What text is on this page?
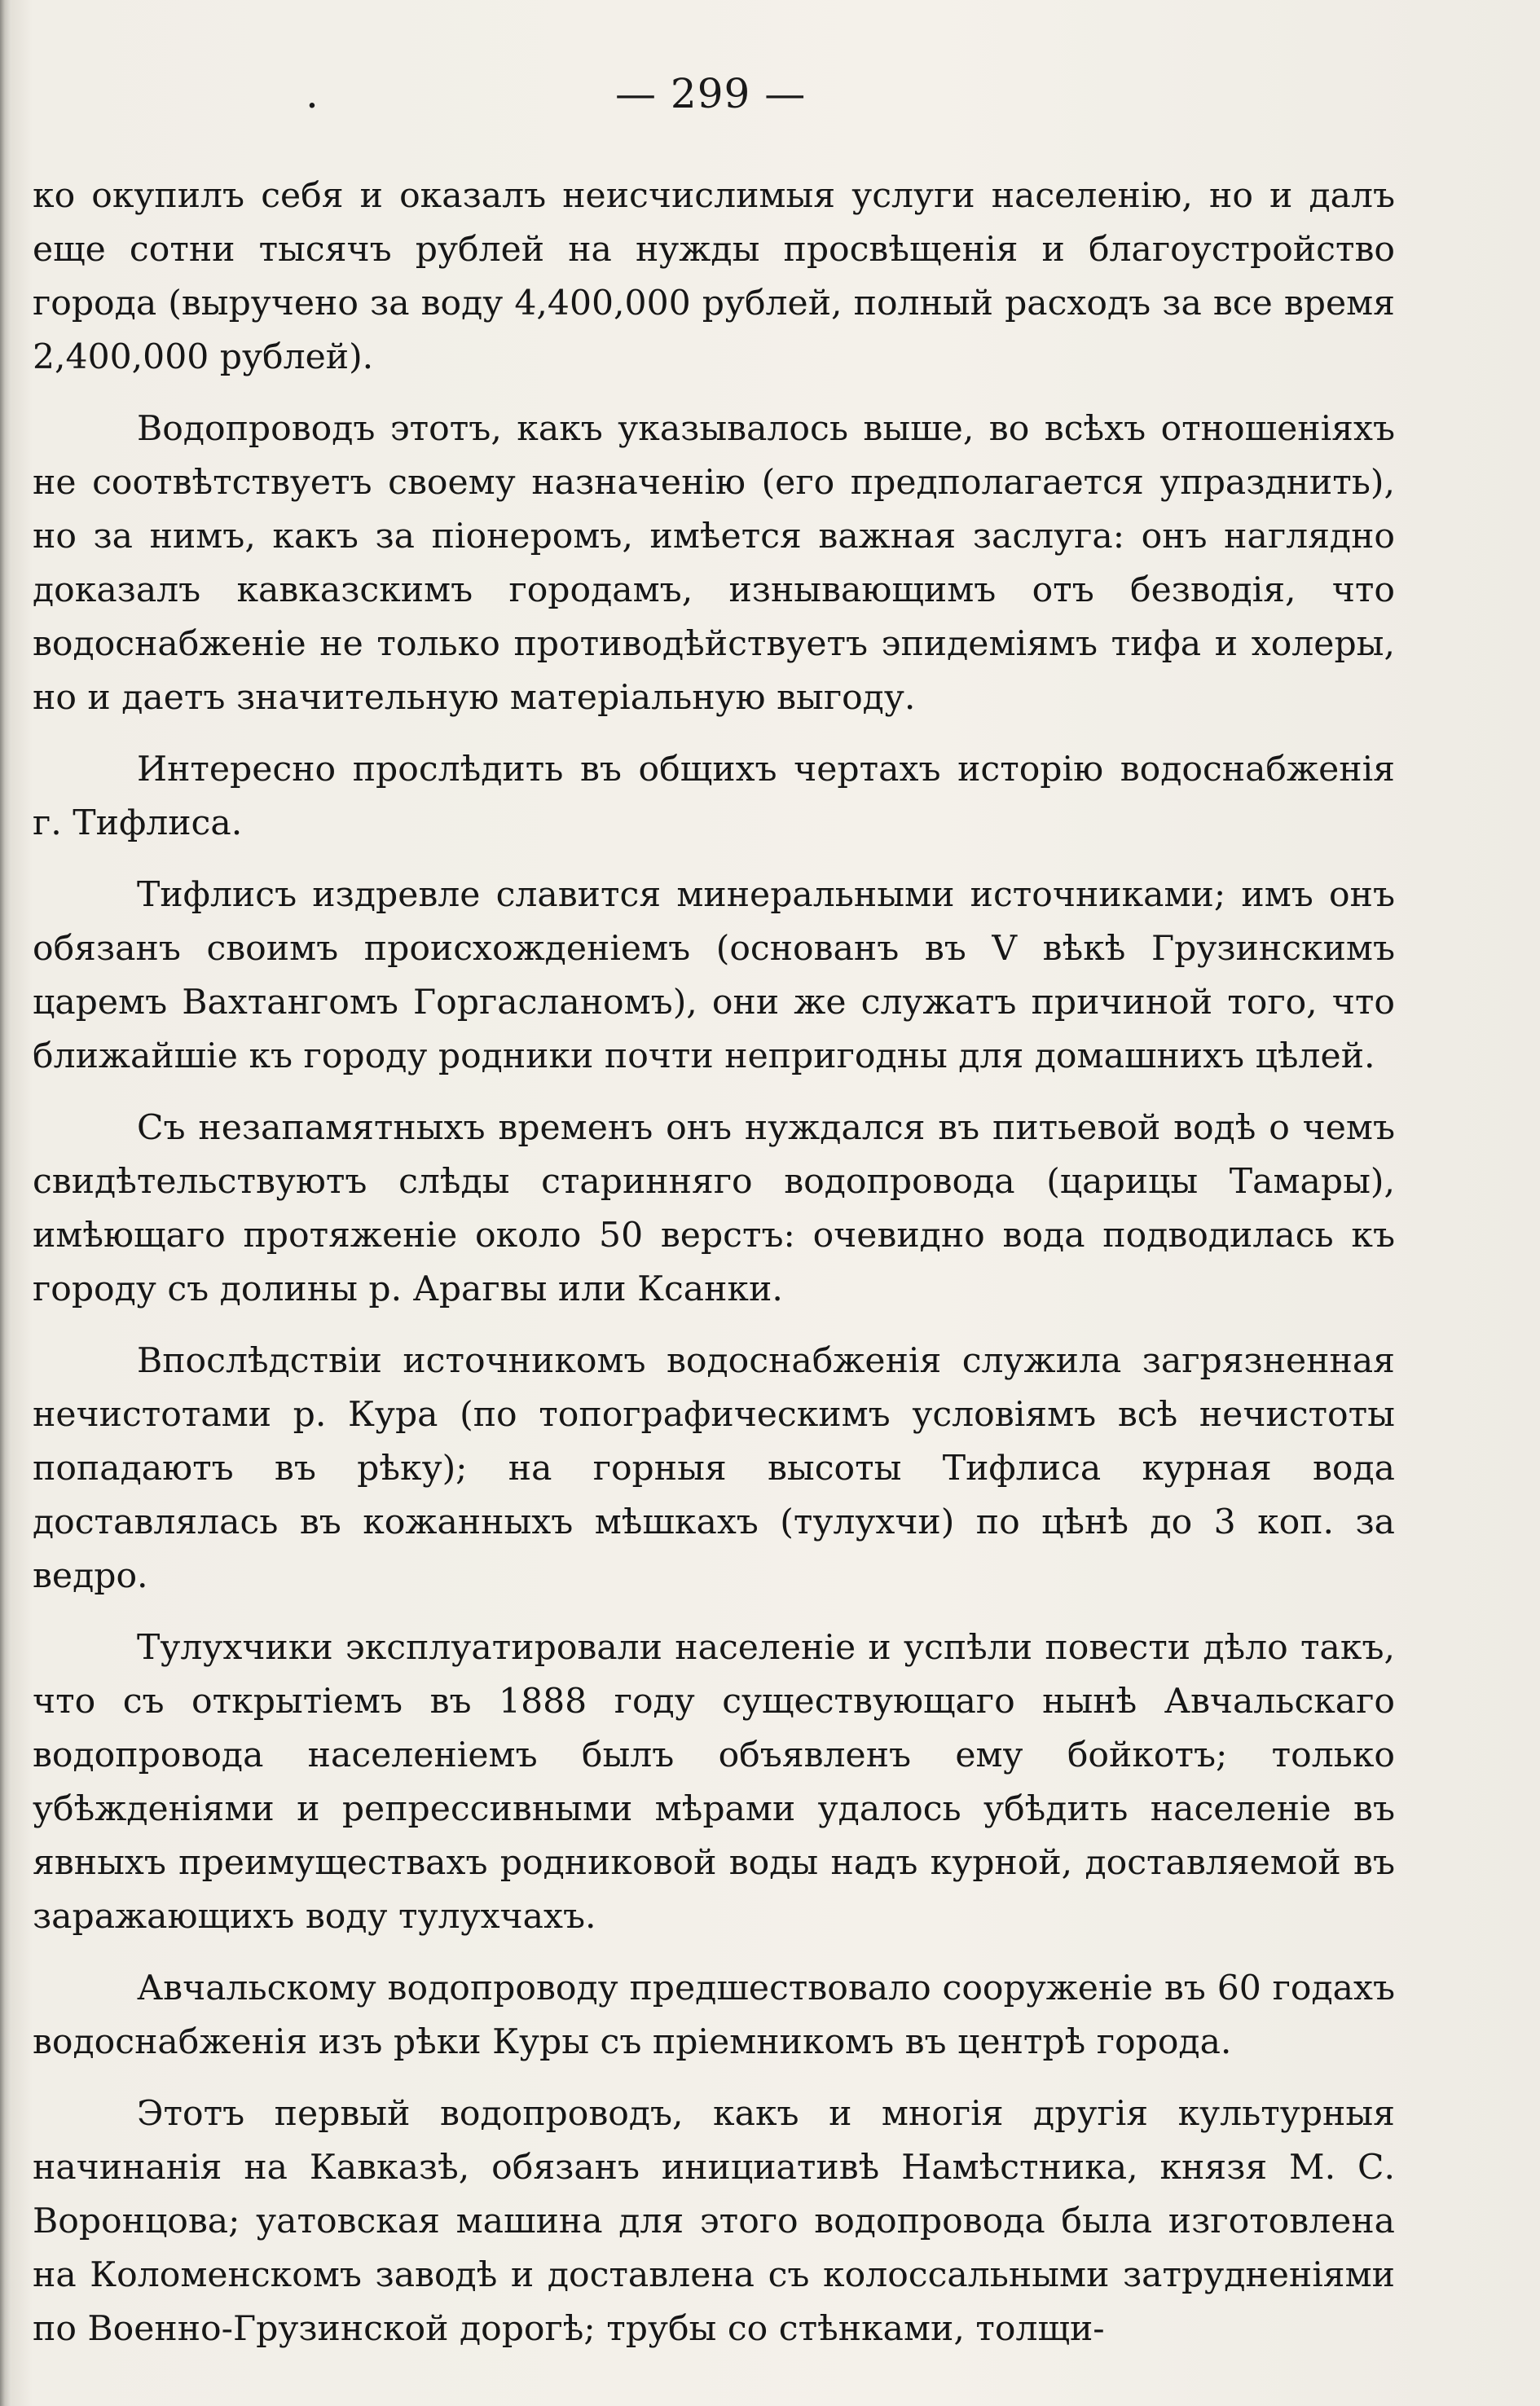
.	— 299 —

ко окупилъ себя и оказалъ неисчислимыя услуги населенію, но и далъ еще сотни тысячъ рублей на нужды просвѣщенія и благоустройство города (выручено за воду 4,400,000 рублей, полный расходъ за все время 2,400,000 рублей).

Водопроводъ этотъ, какъ указывалось выше, во всѣхъ отношеніяхъ не соотвѣтствуетъ своему назначенію (его предполагается упразднить), но за нимъ, какъ за піонеромъ, имѣется важная заслуга: онъ наглядно доказалъ кавказскимъ городамъ, изнывающимъ отъ безводія, что водоснабженіе не только противодѣйствуетъ эпидеміямъ тифа и холеры, но и даетъ значительную матеріальную выгоду.

Интересно прослѣдить въ общихъ чертахъ исторію водоснабженія г. Тифлиса.

Тифлисъ издревле славится минеральными источниками; имъ онъ обязанъ своимъ происхожденіемъ (основанъ въ V вѣкѣ Грузинскимъ царемъ Вахтангомъ Горгасланомъ), они же служатъ причиной того, что ближайшіе къ городу родники почти непригодны для домашнихъ цѣлей.

Съ незапамятныхъ временъ онъ нуждался въ питьевой водѣ о чемъ свидѣтельствуютъ слѣды старинняго водопровода (царицы Тамары), имѣющаго протяженіе около 50 верстъ: очевидно вода подводилась къ городу съ долины р. Арагвы или Ксанки.

Впослѣдствіи источникомъ водоснабженія служила загрязненная нечистотами р. Кура (по топографическимъ условіямъ всѣ нечистоты попадаютъ въ рѣку); на горныя высоты Тифлиса курная вода доставлялась въ кожанныхъ мѣшкахъ (тулухчи) по цѣнѣ до 3 коп. за ведро.

Тулухчики эксплуатировали населеніе и успѣли повести дѣло такъ, что съ открытіемъ въ 1888 году существующаго нынѣ Авчальскаго водопровода населеніемъ былъ объявленъ ему бойкотъ; только убѣжденіями и репрессивными мѣрами удалось убѣдить населеніе въ явныхъ преимуществахъ родниковой воды надъ курной, доставляемой въ заражающихъ воду тулухчахъ.

Авчальскому водопроводу предшествовало сооруженіе въ 60 годахъ водоснабженія изъ рѣки Куры съ пріемникомъ въ центрѣ города.

Этотъ первый водопроводъ, какъ и многія другія культурныя начинанія на Кавказѣ, обязанъ инициативѣ Намѣстника, князя М. С. Воронцова; уатовская машина для этого водопровода была изготовлена на Коломенскомъ заводѣ и доставлена съ колоссальными затрудненіями по Военно-Грузинской дорогѣ; трубы со стѣнками, толщи-
